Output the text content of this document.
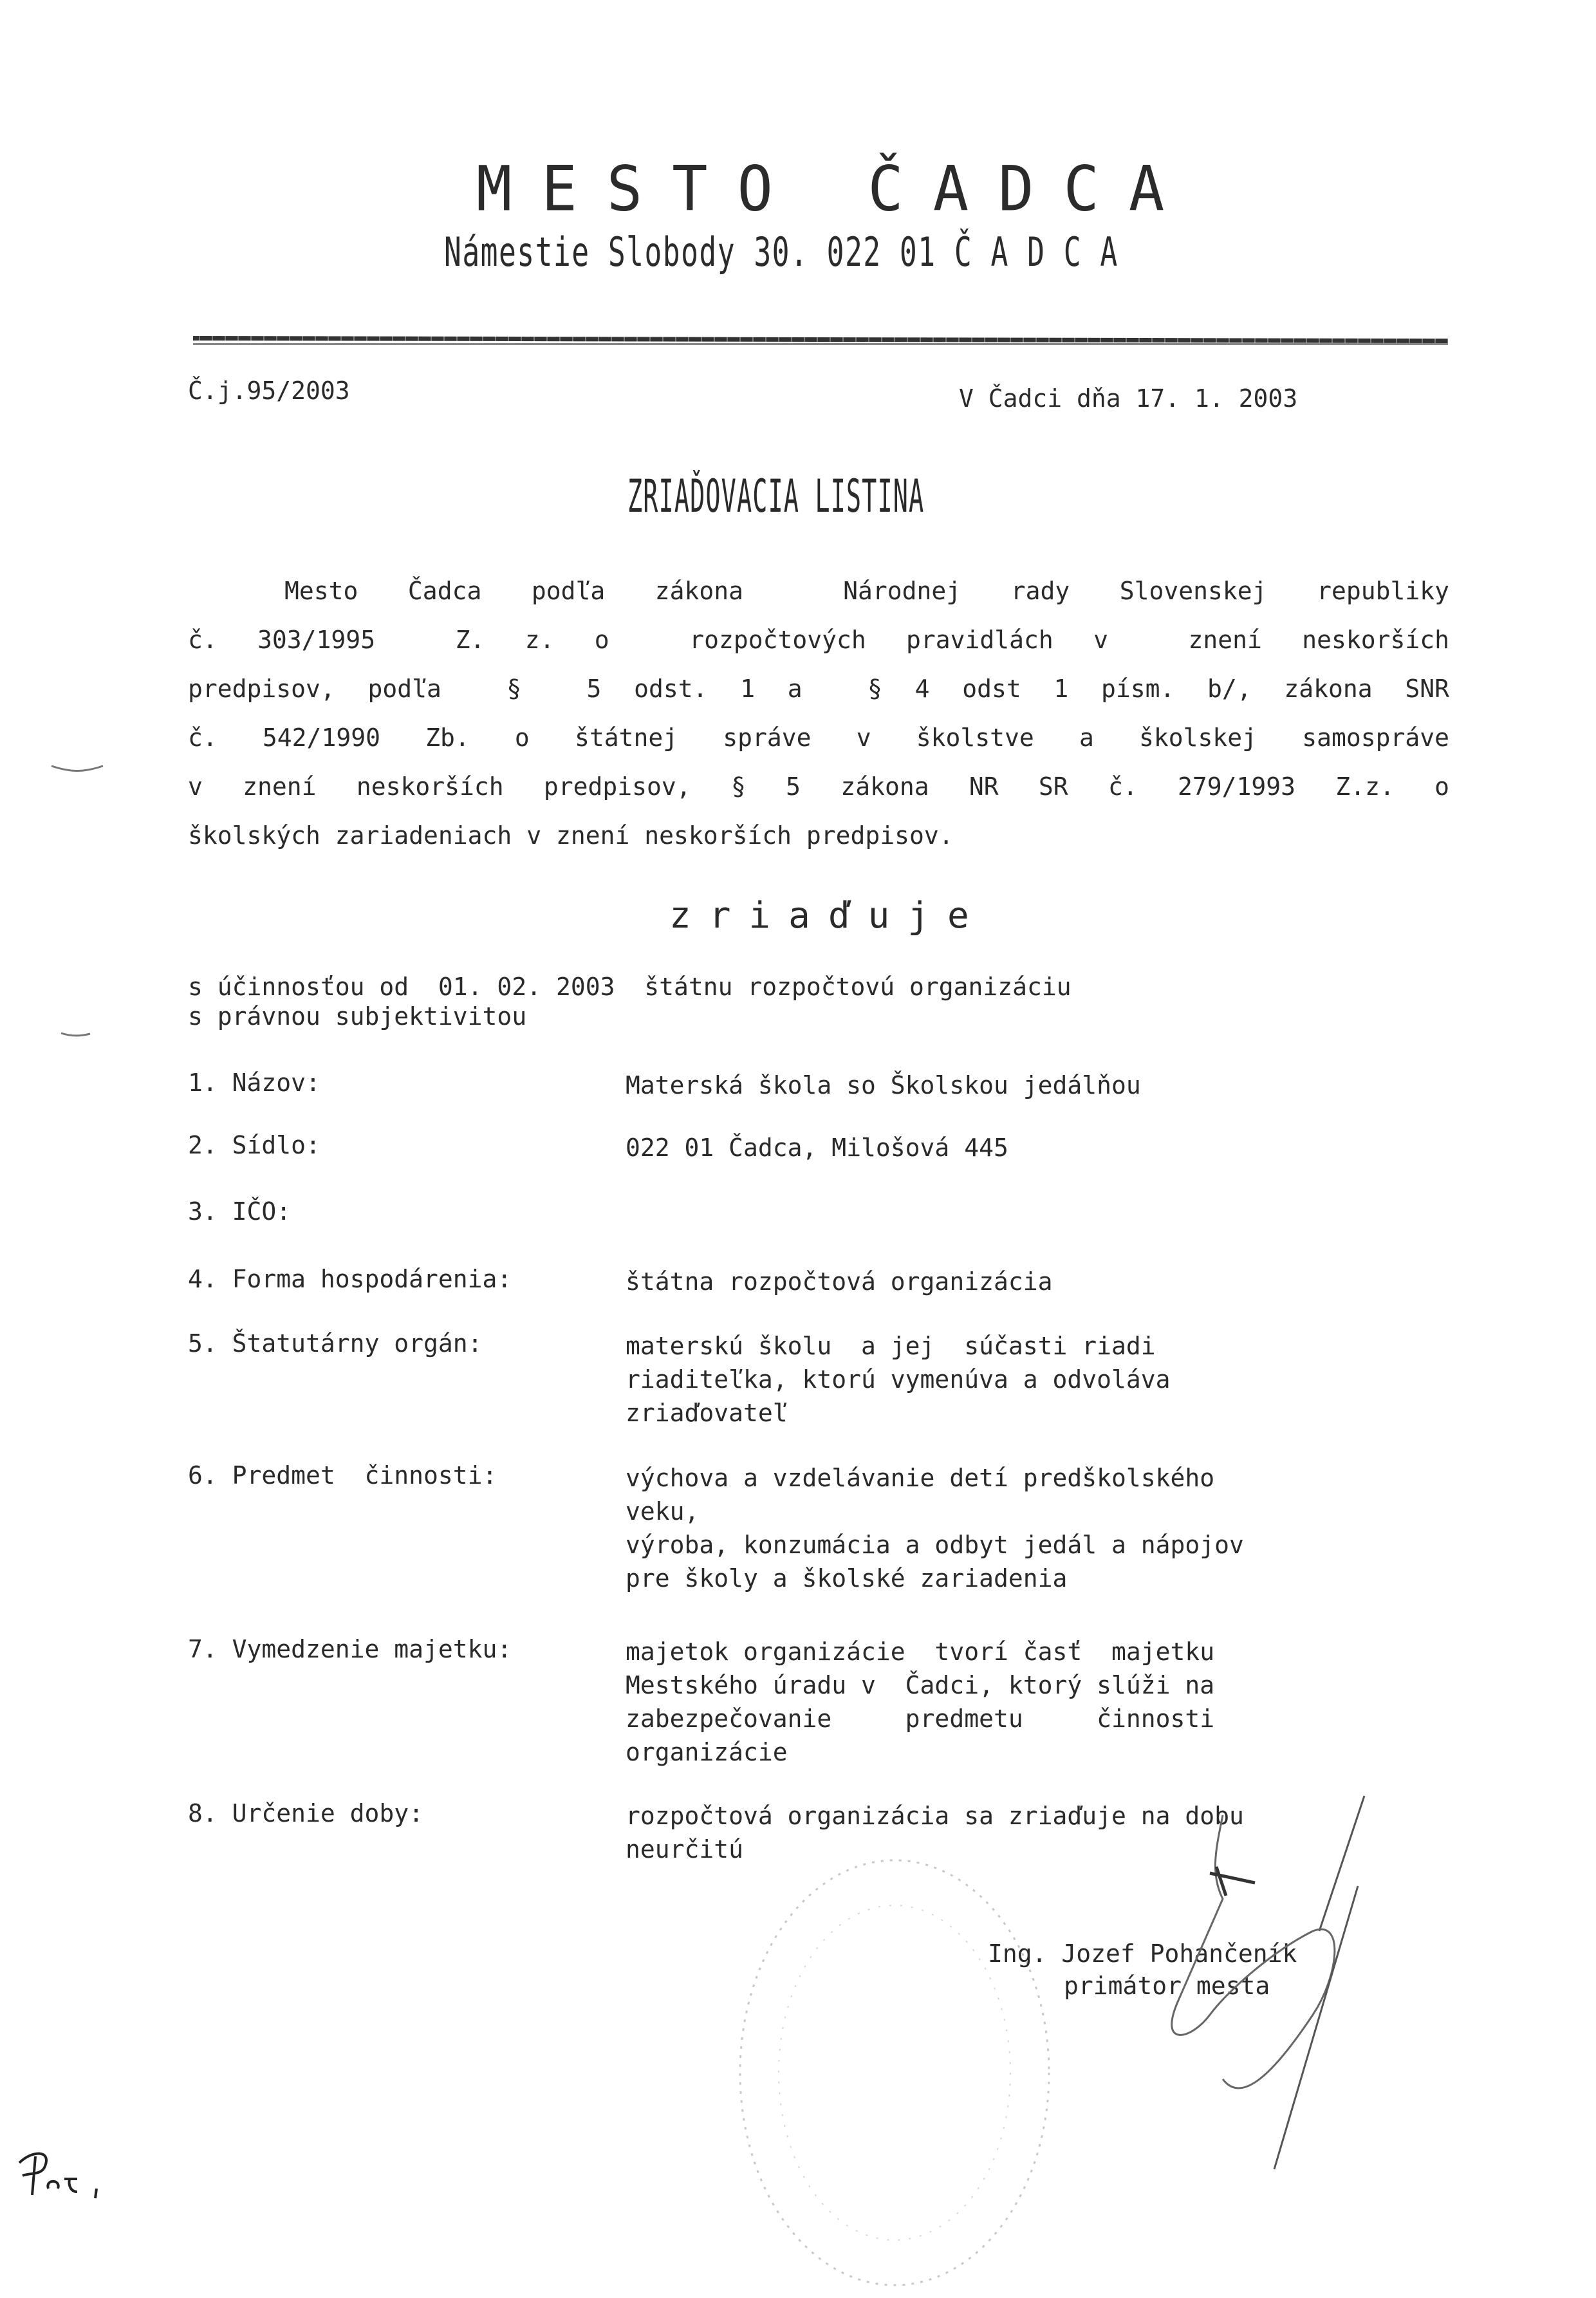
MESTO ČADCA
Námestie Slobody 30. 022 01 Č A D C A
Č.j.95/2003	V Čadci dňa 17. 1. 2003
ZRIAĎOVACIA LISTINA
Mesto Čadca podľa zákona  Národnej rady Slovenskej republiky
č. 303/1995  Z. z. o  rozpočtových pravidlách v  znení neskorších
predpisov, podľa  §  5 odst. 1 a  § 4 odst 1 písm. b/, zákona SNR
č. 542/1990 Zb. o štátnej správe v školstve a školskej samospráve
v znení neskorších predpisov, § 5 zákona NR SR č. 279/1993 Z.z. o
školských zariadeniach v znení neskorších predpisov.
zriaďuje
s účinnosťou od  01. 02. 2003  štátnu rozpočtovú organizáciu
s právnou subjektivitou
1. Názov:	Materská škola so Školskou jedálňou
2. Sídlo:	022 01 Čadca, Milošová 445
3. IČO:
4. Forma hospodárenia:	štátna rozpočtová organizácia
5. Štatutárny orgán:	materskú školu  a jej  súčasti riadi
riaditeľka, ktorú vymenúva a odvoláva
zriaďovateľ
6. Predmet  činnosti:	výchova a vzdelávanie detí predškolského
veku,
výroba, konzumácia a odbyt jedál a nápojov
pre školy a školské zariadenia
7. Vymedzenie majetku:	majetok organizácie  tvorí časť  majetku
Mestského úradu v  Čadci, ktorý slúži na
zabezpečovanie     predmetu     činnosti
organizácie
8. Určenie doby:	rozpočtová organizácia sa zriaďuje na dobu
neurčitú
Ing. Jozef Pohančeník
primátor mesta
